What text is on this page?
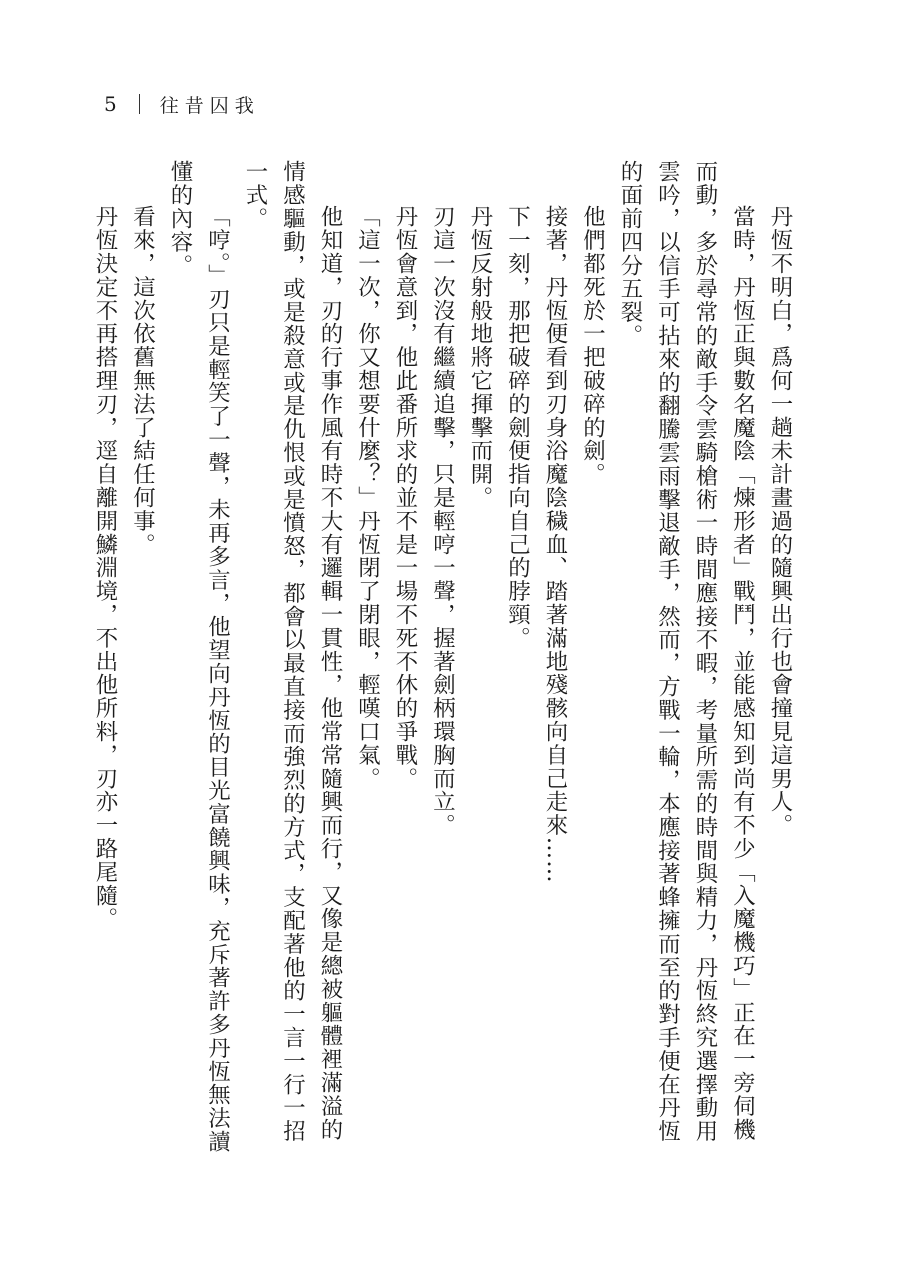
5 往昔囚我

丹恆不明白，爲何一趟未計畫過的隨興出行也會撞見這男人。

當時，丹恆正與數名魔陰「煉形者」戰鬥，並能感知到尚有不少「入魔機巧」正在一旁伺機而動，多於尋常的敵手令雲騎槍術一時間應接不暇，考量所需的時間與精力，丹恆終究選擇動用雲吟，以信手可拈來的翻騰雲雨擊退敵手，然而，方戰一輪，本應接著蜂擁而至的對手便在丹恆的面前四分五裂。

他們都死於一把破碎的劍。

接著，丹恆便看到刃身浴魔陰穢血、踏著滿地殘骸向自己走來……

下一刻，那把破碎的劍便指向自己的脖頸。

丹恆反射般地將它揮擊而開。

刃這一次沒有繼續追擊，只是輕哼一聲，握著劍柄環胸而立。

丹恆會意到，他此番所求的並不是一場不死不休的爭戰。

「這一次，你又想要什麼？」丹恆閉了閉眼，輕嘆口氣。

他知道，刃的行事作風有時不大有邏輯一貫性，他常常隨興而行，又像是總被軀體裡滿溢的情感驅動，或是殺意或是仇恨或是憤怒，都會以最直接而強烈的方式，支配著他的一言一行一招一式。

「哼。」刃只是輕笑了一聲，未再多言，他望向丹恆的目光富饒興味，充斥著許多丹恆無法讀懂的內容。

看來，這次依舊無法了結任何事。

丹恆決定不再搭理刃，逕自離開鱗淵境，不出他所料，刃亦一路尾隨。
